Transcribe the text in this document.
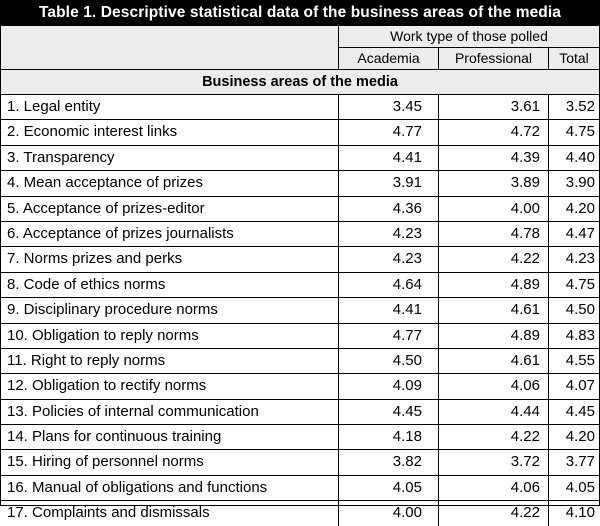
Table 1. Descriptive statistical data of the business areas of the media
Work type of those polled
Academia	Professional	Total
Business areas of the media
1. Legal entity	3.45	3.61	3.52
2. Economic interest links	4.77	4.72	4.75
3. Transparency	4.41	4.39	4.40
4. Mean acceptance of prizes	3.91	3.89	3.90
5. Acceptance of prizes-editor	4.36	4.00	4.20
6. Acceptance of prizes journalists	4.23	4.78	4.47
7. Norms prizes and perks	4.23	4.22	4.23
8. Code of ethics norms	4.64	4.89	4.75
9. Disciplinary procedure norms	4.41	4.61	4.50
10. Obligation to reply norms	4.77	4.89	4.83
11. Right to reply norms	4.50	4.61	4.55
12. Obligation to rectify norms	4.09	4.06	4.07
13. Policies of internal communication	4.45	4.44	4.45
14. Plans for continuous training	4.18	4.22	4.20
15. Hiring of personnel norms	3.82	3.72	3.77
16. Manual of obligations and functions	4.05	4.06	4.05
17. Complaints and dismissals	4.00	4.22	4.10
